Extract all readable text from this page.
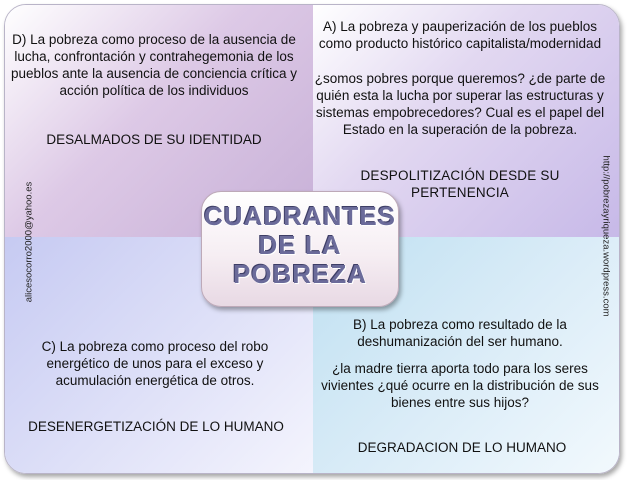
D) La pobreza como proceso de la ausencia de lucha, confrontación y contrahegemonia de los pueblos ante la ausencia de conciencia crítica y acción política de los individuos
DESALMADOS DE SU IDENTIDAD
A) La pobreza y pauperización de los pueblos como producto histórico capitalista/modernidad
¿somos pobres porque queremos? ¿de parte de quién esta la lucha por superar las estructuras y sistemas empobrecedores? Cual es el papel del Estado en la superación de la pobreza.
DESPOLITIZACIÓN DESDE SU PERTENENCIA
C) La pobreza como proceso del robo energético de unos para el exceso y acumulación energética de otros.
DESENERGETIZACIÓN DE LO HUMANO
B) La pobreza como resultado de la deshumanización del ser humano.
¿la madre tierra aporta todo para los seres vivientes ¿qué ocurre en la distribución de sus bienes entre sus hijos?
DEGRADACION DE LO HUMANO
alicesocorro2000@yahoo.es	http://pobrezayriqueza.wordpress.com
CUADRANTES DE LA POBREZA
